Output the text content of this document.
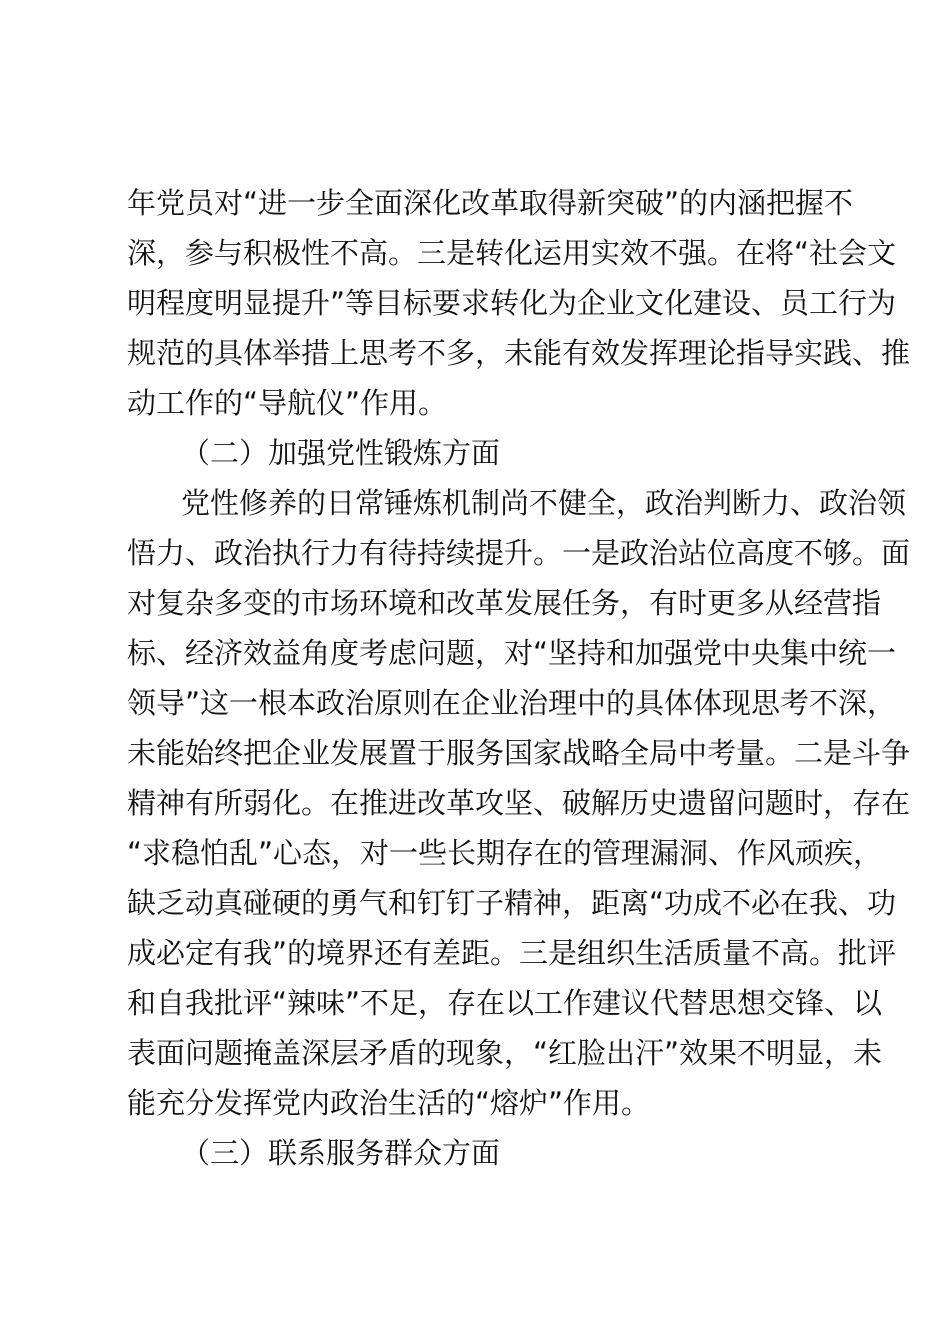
年党员对“进一步全面深化改革取得新突破”的内涵把握不
深，参与积极性不高。三是转化运用实效不强。在将“社会文
明程度明显提升”等目标要求转化为企业文化建设、员工行为
规范的具体举措上思考不多，未能有效发挥理论指导实践、推
动工作的“导航仪”作用。
（二）加强党性锻炼方面
党性修养的日常锤炼机制尚不健全，政治判断力、政治领
悟力、政治执行力有待持续提升。一是政治站位高度不够。面
对复杂多变的市场环境和改革发展任务，有时更多从经营指
标、经济效益角度考虑问题，对“坚持和加强党中央集中统一
领导”这一根本政治原则在企业治理中的具体体现思考不深，
未能始终把企业发展置于服务国家战略全局中考量。二是斗争
精神有所弱化。在推进改革攻坚、破解历史遗留问题时，存在
“求稳怕乱”心态，对一些长期存在的管理漏洞、作风顽疾，
缺乏动真碰硬的勇气和钉钉子精神，距离“功成不必在我、功
成必定有我”的境界还有差距。三是组织生活质量不高。批评
和自我批评“辣味”不足，存在以工作建议代替思想交锋、以
表面问题掩盖深层矛盾的现象，“红脸出汗”效果不明显，未
能充分发挥党内政治生活的“熔炉”作用。
（三）联系服务群众方面
